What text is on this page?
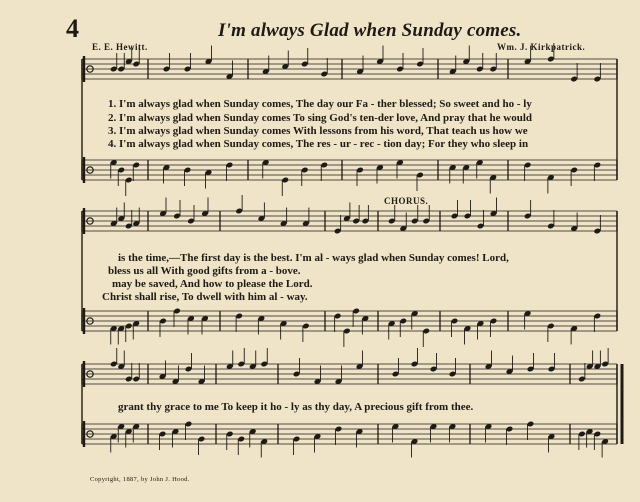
4	I'm always Glad when Sunday comes.
E. E. Hewitt.	Wm. J. Kirkpatrick.
1. I'm always glad when Sunday comes, The day our Fa - ther blessed; So sweet and ho - ly
2. I'm always glad when Sunday comes To sing God's ten-der love, And pray that he would
3. I'm always glad when Sunday comes With lessons from his word, That teach us how we
4. I'm always glad when Sunday comes, The res - ur - rec - tion day; For they who sleep in
CHORUS.
is the time,—The first day is the best. I'm al - ways glad when Sunday comes! Lord,
bless us all With good gifts from a - bove.
may be saved, And how to please the Lord.
Christ shall rise, To dwell with him al - way.
grant thy grace to me To keep it ho - ly as thy day, A precious gift from thee.
Copyright, 1887, by John J. Hood.
